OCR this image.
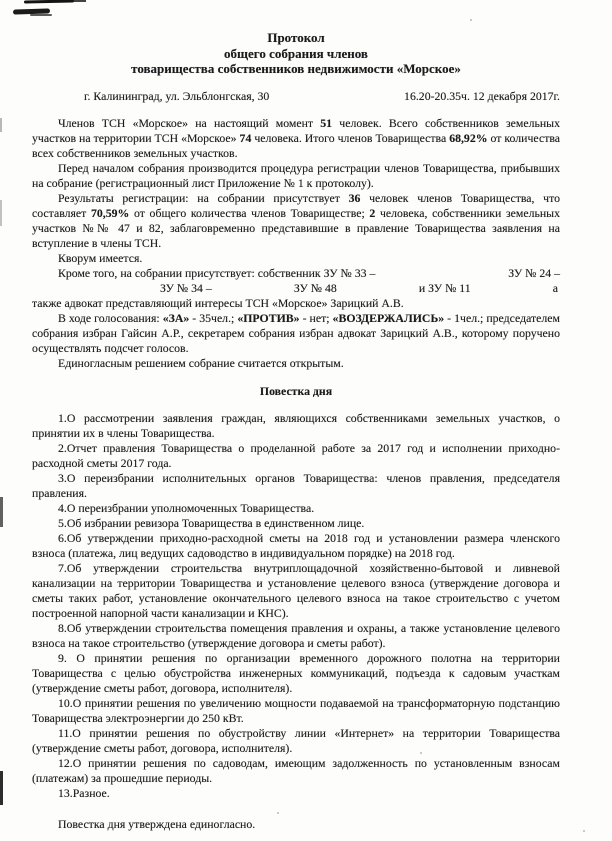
Протокол
общего собрания членов
товарищества собственников недвижимости «Морское»
г. Калининград, ул. Эльблонгская, 30	16.20-20.35ч. 12 декабря 2017г.
Членов ТСН «Морское» на настоящий момент 51 человек. Всего собственников земельных участков на территории ТСН «Морское» 74 человека. Итого членов Товарищества 68,92% от количества всех собственников земельных участков.
Перед началом собрания производится процедура регистрации членов Товарищества, прибывших на собрание (регистрационный лист Приложение № 1 к протоколу).
Результаты регистрации: на собрании присутствует 36 человек членов Товарищества, что составляет 70,59% от общего количества членов Товариществе; 2 человека, собственники земельных участков №№ 47 и 82, заблаговременно представившие в правление Товарищества заявления на вступление в члены ТСН.
Кворум имеется.
Кроме того, на собрании присутствует: собственник ЗУ № 33 –	ЗУ № 24 –
ЗУ № 34 –	ЗУ № 48	и ЗУ № 11	а
также адвокат представляющий интересы ТСН «Морское» Зарицкий А.В.
В ходе голосования: «ЗА» - 35чел.; «ПРОТИВ» - нет; «ВОЗДЕРЖАЛИСЬ» - 1чел.; председателем собрания избран Гайсин А.Р., секретарем собрания избран адвокат Зарицкий А.В., которому поручено осуществлять подсчет голосов.
Единогласным решением собрание считается открытым.
Повестка дня
1.О рассмотрении заявления граждан, являющихся собственниками земельных участков, о принятии их в члены Товарищества.
2.Отчет правления Товарищества о проделанной работе за 2017 год и исполнении приходно-расходной сметы 2017 года.
3.О переизбрании исполнительных органов Товарищества: членов правления, председателя правления.
4.О переизбрании уполномоченных Товарищества.
5.Об избрании ревизора Товарищества в единственном лице.
6.Об утверждении приходно-расходной сметы на 2018 год и установлении размера членского взноса (платежа, лиц ведущих садоводство в индивидуальном порядке) на 2018 год.
7.Об утверждении строительства внутриплощадочной хозяйственно-бытовой и ливневой канализации на территории Товарищества и установление целевого взноса (утверждение договора и сметы таких работ, установление окончательного целевого взноса на такое строительство с учетом построенной напорной части канализации и КНС).
8.Об утверждении строительства помещения правления и охраны, а также установление целевого взноса на такое строительство (утверждение договора и сметы работ).
9. О принятии решения по организации временного дорожного полотна на территории Товарищества с целью обустройства инженерных коммуникаций, подъезда к садовым участкам (утверждение сметы работ, договора, исполнителя).
10.О принятии решения по увеличению мощности подаваемой на трансформаторную подстанцию Товарищества электроэнергии до 250 кВт.
11.О принятии решения по обустройству линии «Интернет» на территории Товарищества (утверждение сметы работ, договора, исполнителя).
12.О принятии решения по садоводам, имеющим задолженность по установленным взносам (платежам) за прошедшие периоды.
13.Разное.
Повестка дня утверждена единогласно.
